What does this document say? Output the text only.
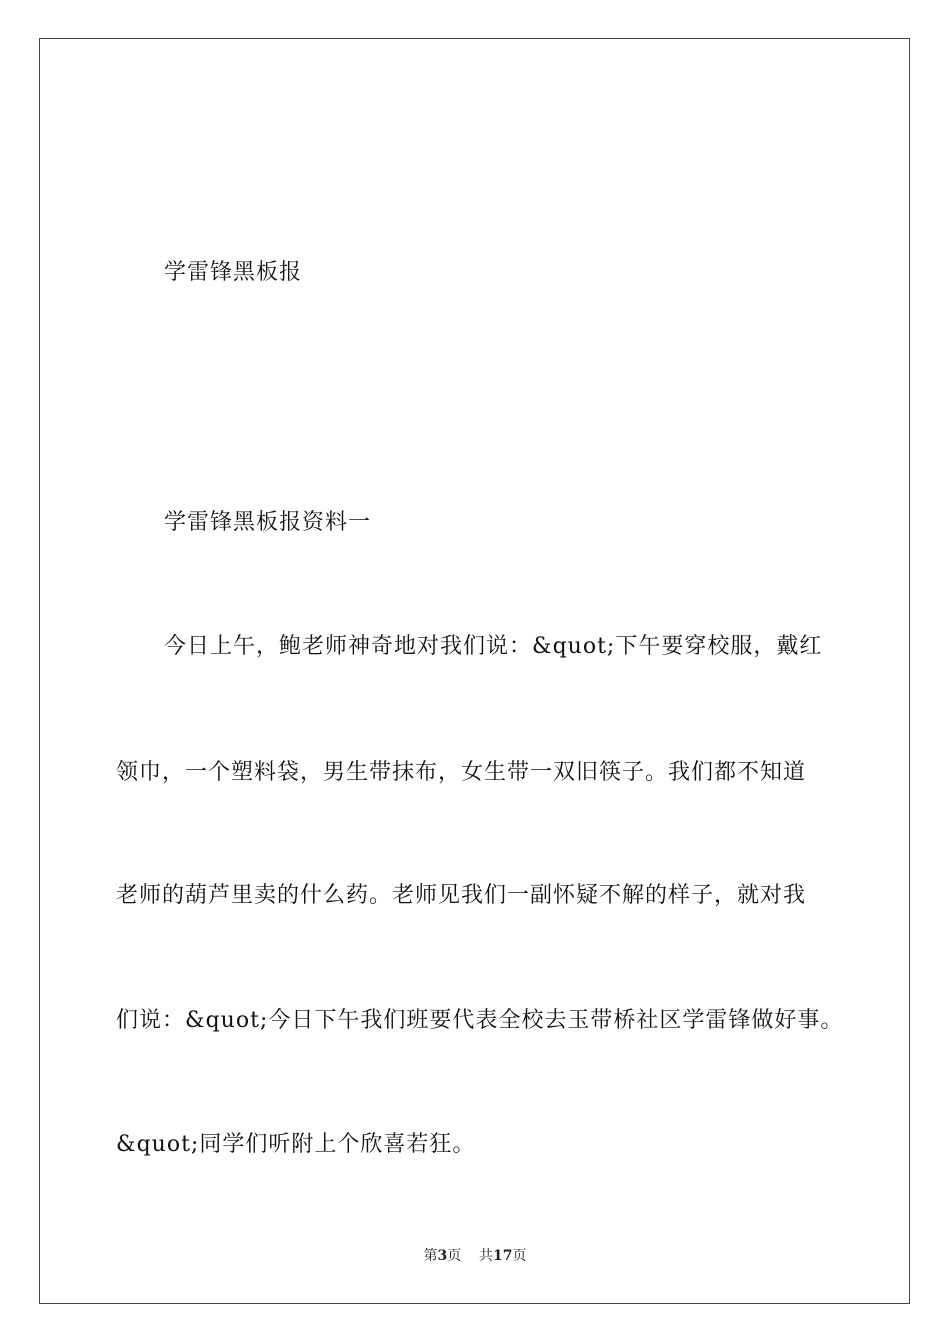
学雷锋黑板报
学雷锋黑板报资料一
今日上午，鲍老师神奇地对我们说：&quot;下午要穿校服，戴红
领巾，一个塑料袋，男生带抹布，女生带一双旧筷子。我们都不知道
老师的葫芦里卖的什么药。老师见我们一副怀疑不解的样子，就对我
们说：&quot;今日下午我们班要代表全校去玉带桥社区学雷锋做好事。
&quot;同学们听附上个欣喜若狂。
第3页 共17页
